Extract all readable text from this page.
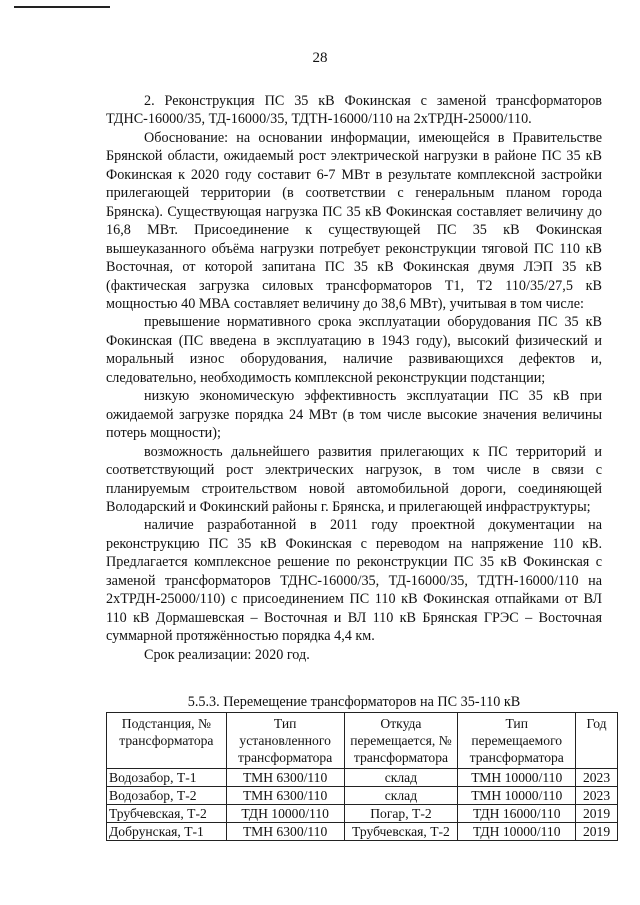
28

2. Реконструкция ПС 35 кВ Фокинская с заменой трансформаторов ТДНС-16000/35, ТД-16000/35, ТДТН-16000/110 на 2хТРДН-25000/110.

Обоснование: на основании информации, имеющейся в Правительстве Брянской области, ожидаемый рост электрической нагрузки в районе ПС 35 кВ Фокинская к 2020 году составит 6-7 МВт в результате комплексной застройки прилегающей территории (в соответствии с генеральным планом города Брянска). Существующая нагрузка ПС 35 кВ Фокинская составляет величину до 16,8 МВт. Присоединение к существующей ПС 35 кВ Фокинская вышеуказанного объёма нагрузки потребует реконструкции тяговой ПС 110 кВ Восточная, от которой запитана ПС 35 кВ Фокинская двумя ЛЭП 35 кВ (фактическая загрузка силовых трансформаторов Т1, Т2 110/35/27,5 кВ мощностью 40 МВА составляет величину до 38,6 МВт), учитывая в том числе:

превышение нормативного срока эксплуатации оборудования ПС 35 кВ Фокинская (ПС введена в эксплуатацию в 1943 году), высокий физический и моральный износ оборудования, наличие развивающихся дефектов и, следовательно, необходимость комплексной реконструкции подстанции;

низкую экономическую эффективность эксплуатации ПС 35 кВ при ожидаемой загрузке порядка 24 МВт (в том числе высокие значения величины потерь мощности);

возможность дальнейшего развития прилегающих к ПС территорий и соответствующий рост электрических нагрузок, в том числе в связи с планируемым строительством новой автомобильной дороги, соединяющей Володарский и Фокинский районы г. Брянска, и прилегающей инфраструктуры;

наличие разработанной в 2011 году проектной документации на реконструкцию ПС 35 кВ Фокинская с переводом на напряжение 110 кВ. Предлагается комплексное решение по реконструкции ПС 35 кВ Фокинская с заменой трансформаторов ТДНС-16000/35, ТД-16000/35, ТДТН-16000/110 на 2хТРДН-25000/110) с присоединением ПС 110 кВ Фокинская отпайками от ВЛ 110 кВ Дормашевская – Восточная и ВЛ 110 кВ Брянская ГРЭС – Восточная суммарной протяжённостью порядка 4,4 км.

Срок реализации: 2020 год.

5.5.3. Перемещение трансформаторов на ПС 35-110 кВ
Подстанция, № трансформатора	Тип установленного трансформатора	Откуда перемещается, № трансформатора	Тип перемещаемого трансформатора	Год
Водозабор, Т-1	ТМН 6300/110	склад	ТМН 10000/110	2023
Водозабор, Т-2	ТМН 6300/110	склад	ТМН 10000/110	2023
Трубчевская, Т-2	ТДН 10000/110	Погар, Т-2	ТДН 16000/110	2019
Добрунская, Т-1	ТМН 6300/110	Трубчевская, Т-2	ТДН 10000/110	2019
